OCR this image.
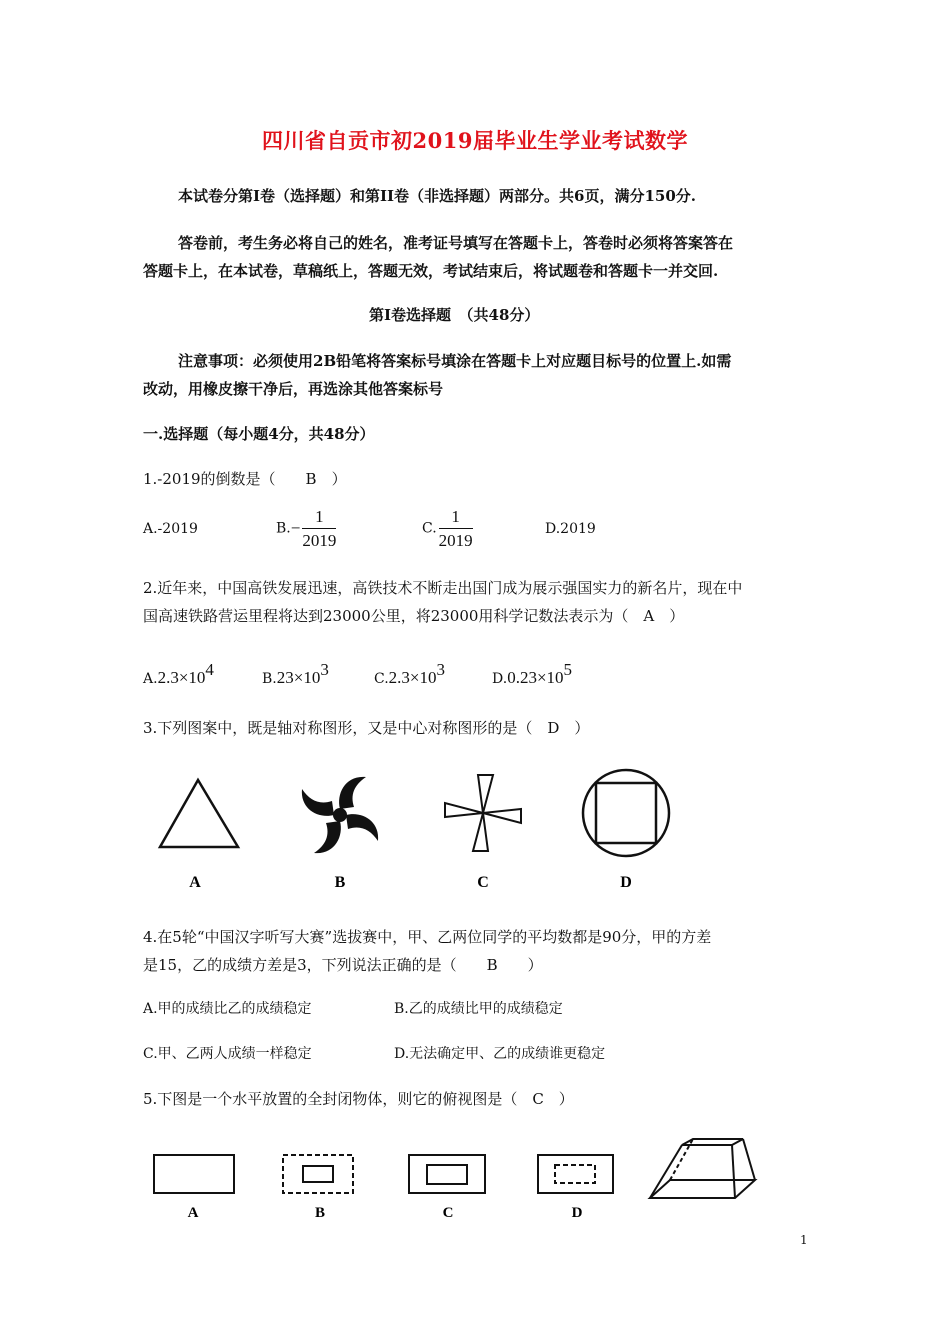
四川省自贡市初2019届毕业生学业考试数学
本试卷分第Ⅰ卷（选择题）和第II卷（非选择题）两部分。共6页，满分150分.
答卷前，考生务必将自己的姓名，准考证号填写在答题卡上，答卷时必须将答案答在
答题卡上，在本试卷，草稿纸上，答题无效，考试结束后，将试题卷和答题卡一并交回.
第Ⅰ卷选择题　（共48分）
注意事项：必须使用2B铅笔将答案标号填涂在答题卡上对应题目标号的位置上.如需
改动，用橡皮擦干净后，再选涂其他答案标号
一.选择题（每小题4分，共48分）
1.-2019的倒数是（　　B　）
A.-2019	$B.- \frac{1}{2019}$	C. $\frac{1}{2019}$	D.2019
2.近年来，中国高铁发展迅速，高铁技术不断走出国门成为展示强国实力的新名片，现在中
国高速铁路营运里程将达到23000公里，将23000用科学记数法表示为（　A　）
A.2.3×104	B.23×103	C.2.3×103	D.0.23×105
3.下列图案中，既是轴对称图形，又是中心对称图形的是（　D　）
A	B	C	D
4.在5轮“中国汉字听写大赛”选拔赛中，甲、乙两位同学的平均数都是90分，甲的方差
是15，乙的成绩方差是3，下列说法正确的是（　　B　　）
A.甲的成绩比乙的成绩稳定	B.乙的成绩比甲的成绩稳定
C.甲、乙两人成绩一样稳定	D.无法确定甲、乙的成绩谁更稳定
5.下图是一个水平放置的全封闭物体，则它的俯视图是（　C　）
A	B	C	D
1
